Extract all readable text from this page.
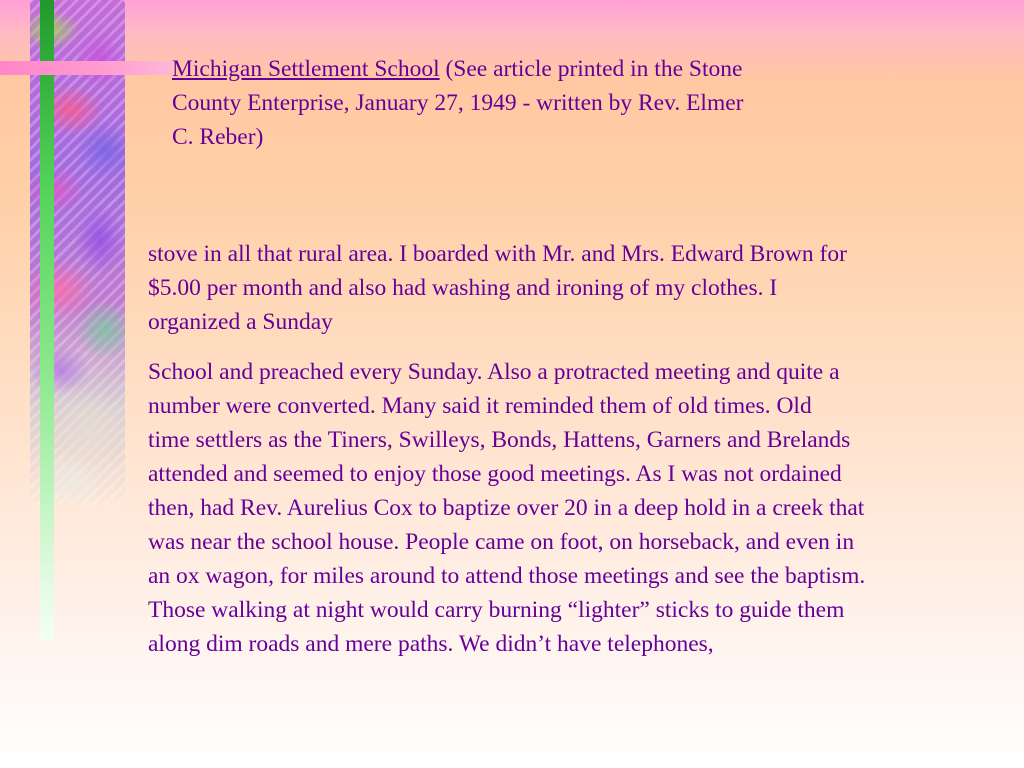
Michigan Settlement School (See article printed in the Stone
County Enterprise, January 27, 1949 - written by Rev. Elmer
C. Reber)

stove in all that rural area. I boarded with Mr. and Mrs. Edward Brown for
$5.00 per month and also had washing and ironing of my clothes. I
organized a Sunday

School and preached every Sunday. Also a protracted meeting and quite a
number were converted. Many said it reminded them of old times. Old
time settlers as the Tiners, Swilleys, Bonds, Hattens, Garners and Brelands
attended and seemed to enjoy those good meetings. As I was not ordained
then, had Rev. Aurelius Cox to baptize over 20 in a deep hold in a creek that
was near the school house. People came on foot, on horseback, and even in
an ox wagon, for miles around to attend those meetings and see the baptism.
Those walking at night would carry burning “lighter” sticks to guide them
along dim roads and mere paths. We didn’t have telephones,
